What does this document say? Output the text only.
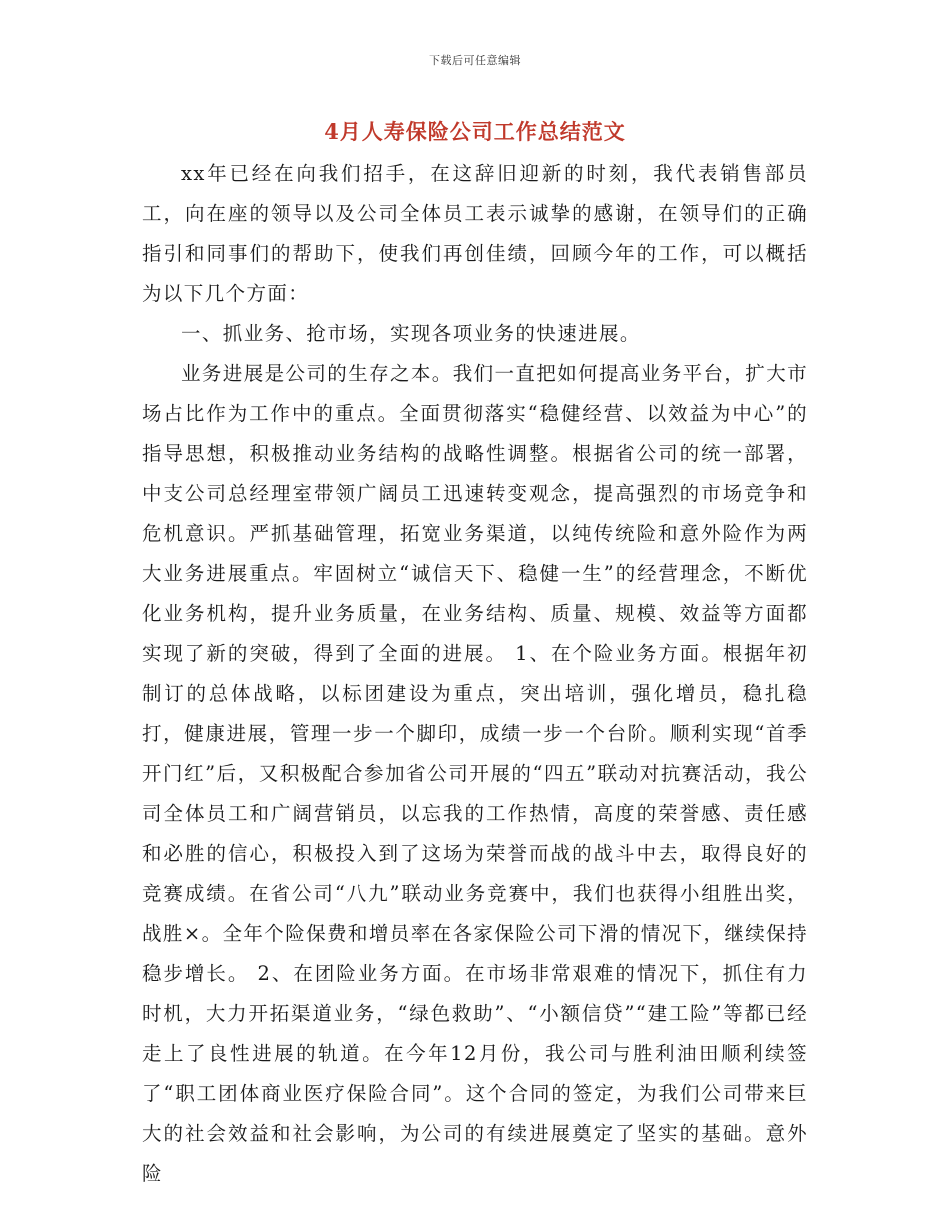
下载后可任意编辑
4月人寿保险公司工作总结范文

xx年已经在向我们招手，在这辞旧迎新的时刻，我代表销售部员工，向在座的领导以及公司全体员工表示诚挚的感谢，在领导们的正确指引和同事们的帮助下，使我们再创佳绩，回顾今年的工作，可以概括为以下几个方面：

一、抓业务、抢市场，实现各项业务的快速进展。

业务进展是公司的生存之本。我们一直把如何提高业务平台，扩大市场占比作为工作中的重点。全面贯彻落实“稳健经营、以效益为中心”的指导思想，积极推动业务结构的战略性调整。根据省公司的统一部署，中支公司总经理室带领广阔员工迅速转变观念，提高强烈的市场竞争和危机意识。严抓基础管理，拓宽业务渠道，以纯传统险和意外险作为两大业务进展重点。牢固树立“诚信天下、稳健一生”的经营理念，不断优化业务机构，提升业务质量，在业务结构、质量、规模、效益等方面都实现了新的突破，得到了全面的进展。 1、在个险业务方面。根据年初制订的总体战略，以标团建设为重点，突出培训，强化增员，稳扎稳打，健康进展，管理一步一个脚印，成绩一步一个台阶。顺利实现“首季开门红”后，又积极配合参加省公司开展的“四五”联动对抗赛活动，我公司全体员工和广阔营销员，以忘我的工作热情，高度的荣誉感、责任感和必胜的信心，积极投入到了这场为荣誉而战的战斗中去，取得良好的竞赛成绩。在省公司“八九”联动业务竞赛中，我们也获得小组胜出奖，战胜×。全年个险保费和增员率在各家保险公司下滑的情况下，继续保持稳步增长。 2、在团险业务方面。在市场非常艰难的情况下，抓住有力时机，大力开拓渠道业务，“绿色救助”、“小额信贷”“建工险”等都已经走上了良性进展的轨道。在今年12月份，我公司与胜利油田顺利续签了“职工团体商业医疗保险合同”。这个合同的签定，为我们公司带来巨大的社会效益和社会影响，为公司的有续进展奠定了坚实的基础。意外险
